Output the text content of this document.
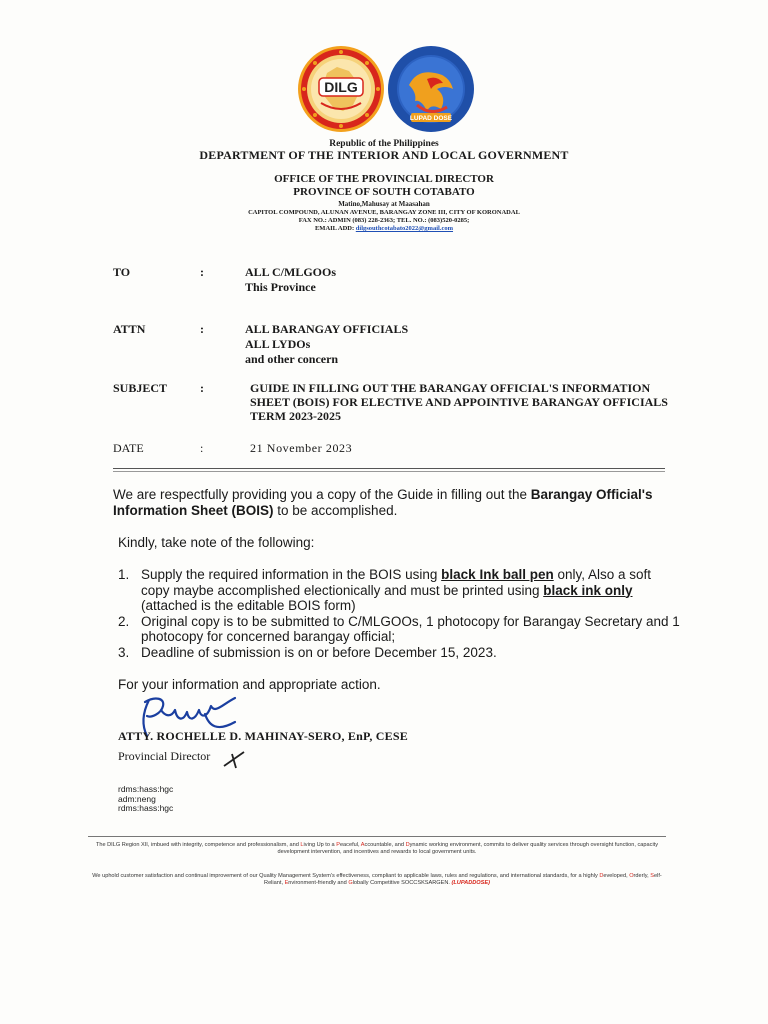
DILG
LUPAD DOSE
Republic of the Philippines
DEPARTMENT OF THE INTERIOR AND LOCAL GOVERNMENT
OFFICE OF THE PROVINCIAL DIRECTOR
PROVINCE OF SOUTH COTABATO
Matino,Mahusay at Maasahan
CAPITOL COMPOUND, ALUNAN AVENUE, BARANGAY ZONE III, CITY OF KORONADAL
FAX NO.: ADMIN (083) 228-2363; TEL. NO.: (083)520-0285;
EMAIL ADD: dilgsouthcotabato2022@gmail.com
TO	:	ALL C/MLGOOs
This Province
ATTN	:	ALL BARANGAY OFFICIALS
ALL LYDOs
and other concern
SUBJECT	:	GUIDE IN FILLING OUT THE BARANGAY OFFICIAL'S INFORMATION SHEET (BOIS) FOR ELECTIVE AND APPOINTIVE BARANGAY OFFICIALS TERM 2023-2025
DATE	:	21 November 2023
We are respectfully providing you a copy of the Guide in filling out the Barangay Official's Information Sheet (BOIS) to be accomplished.
Kindly, take note of the following:
1. Supply the required information in the BOIS using black Ink ball pen only, Also a soft copy maybe accomplished electionically and must be printed using black ink only (attached is the editable BOIS form)
2. Original copy is to be submitted to C/MLGOOs, 1 photocopy for Barangay Secretary and 1 photocopy for concerned barangay official;
3. Deadline of submission is on or before December 15, 2023.
For your information and appropriate action.
ATTY. ROCHELLE D. MAHINAY-SERO, EnP, CESE
Provincial Director
rdms:hass:hgc
adm:neng
rdms:hass:hgc
The DILG Region XII, imbued with integrity, competence and professionalism, and Living Up to a Peaceful, Accountable, and Dynamic working environment, commits to deliver quality services through oversight function, capacity development intervention, and incentives and rewards to local government units.
We uphold customer satisfaction and continual improvement of our Quality Management System's effectiveness, compliant to applicable laws, rules and regulations, and international standards, for a highly Developed, Orderly, Self-Reliant, Environment-friendly and Globally Competitive SOCCSKSARGEN. (LUPADDOSE)
